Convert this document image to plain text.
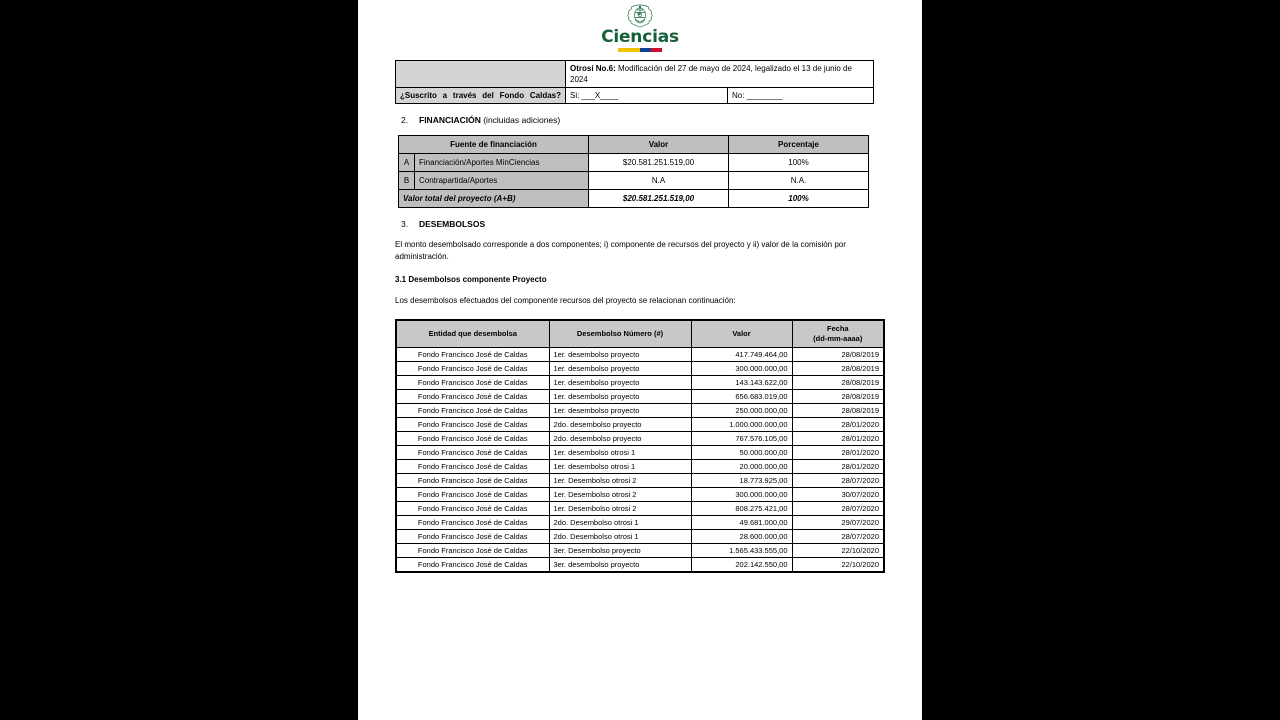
Ciencias
	Otrosí No.6: Modificación del 27 de mayo de 2024, legalizado el 13 de junio de 2024	
¿Suscrito a través del Fondo Caldas?	Si: ___X____	No: ________
2. FINANCIACIÓN (incluidas adiciones)
Fuente de financiación		Valor	Porcentaje
A	Financiación/Aportes MinCiencias	$20.581.251.519,00	100%
B	Contrapartida/Aportes	N.A	N.A.
Valor total del proyecto (A+B)		$20.581.251.519,00	100%
3. DESEMBOLSOS

El monto desembolsado corresponde a dos componentes; i) componente de recursos del proyecto y ii) valor de la comisión por administración.

3.1 Desembolsos componente Proyecto

Los desembolsos efectuados del componente recursos del proyecto se relacionan continuación:

Entidad que desembolsa	Desembolso Número (#)	Valor	Fecha
(dd-mm-aaaa)
Fondo Francisco José de Caldas	1er. desembolso proyecto	417.749.464,00	28/08/2019
Fondo Francisco José de Caldas	1er. desembolso proyecto	300.000.000,00	28/08/2019
Fondo Francisco José de Caldas	1er. desembolso proyecto	143.143.622,00	28/08/2019
Fondo Francisco José de Caldas	1er. desembolso proyecto	656.683.019,00	28/08/2019
Fondo Francisco José de Caldas	1er. desembolso proyecto	250.000.000,00	28/08/2019
Fondo Francisco José de Caldas	2do. desembolso proyecto	1.000.000.000,00	28/01/2020
Fondo Francisco José de Caldas	2do. desembolso proyecto	767.576.105,00	28/01/2020
Fondo Francisco José de Caldas	1er. desembolso otrosi 1	50.000.000,00	28/01/2020
Fondo Francisco José de Caldas	1er. desembolso otrosi 1	20.000.000,00	28/01/2020
Fondo Francisco José de Caldas	1er. Desembolso otrosi 2	18.773.925,00	28/07/2020
Fondo Francisco José de Caldas	1er. Desembolso otrosi 2	300.000.000,00	30/07/2020
Fondo Francisco José de Caldas	1er. Desembolso otrosi 2	808.275.421,00	28/07/2020
Fondo Francisco José de Caldas	2do. Desembolso otrosi 1	49.681.000,00	29/07/2020
Fondo Francisco José de Caldas	2do. Desembolso otrosi 1	28.600.000,00	28/07/2020
Fondo Francisco José de Caldas	3er. Desembolso proyecto	1.565.433.555,00	22/10/2020
Fondo Francisco José de Caldas	3er. desembolso proyecto	202.142.550,00	22/10/2020
